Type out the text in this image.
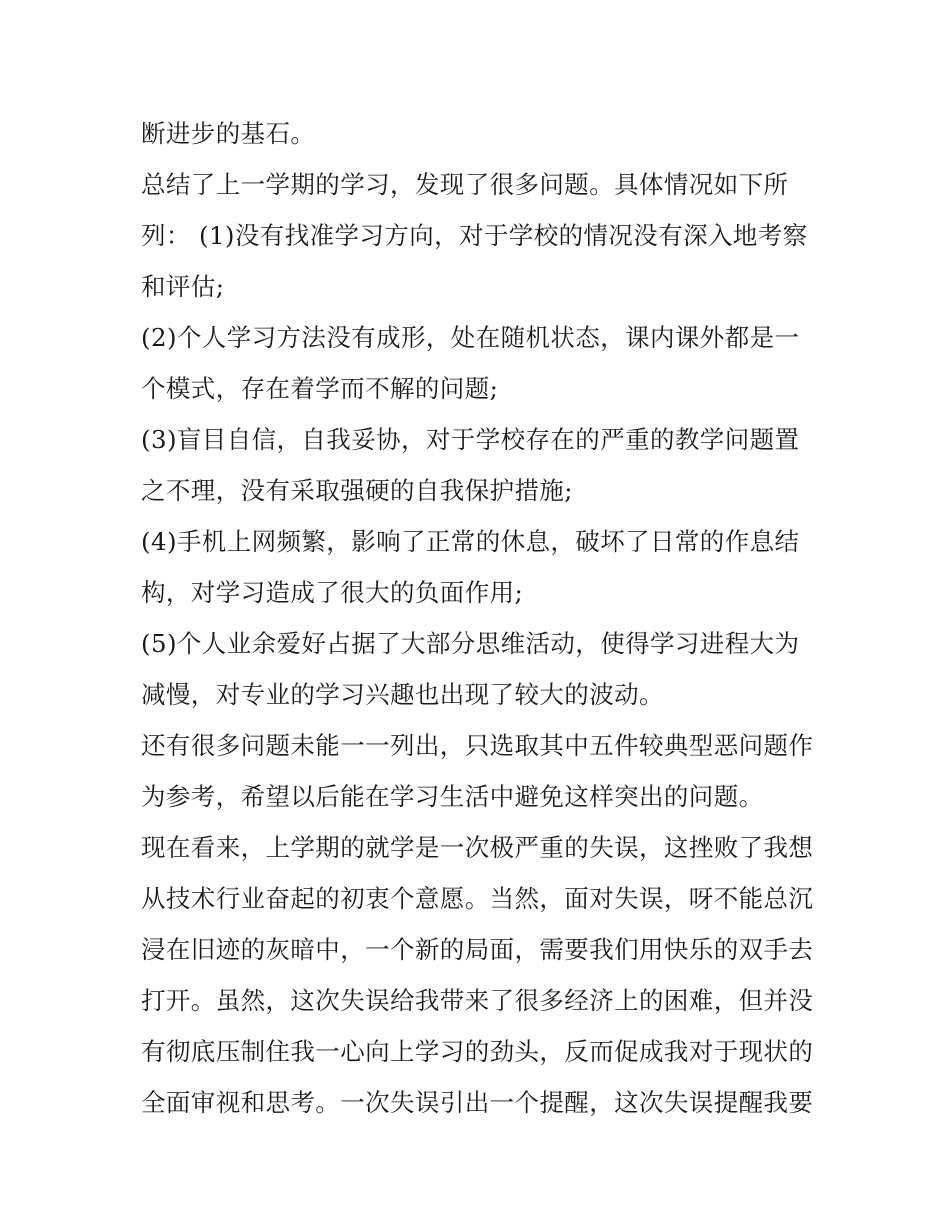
断进步的基石。
总结了上一学期的学习，发现了很多问题。具体情况如下所
列： (1)没有找准学习方向，对于学校的情况没有深入地考察
和评估;
(2)个人学习方法没有成形，处在随机状态，课内课外都是一
个模式，存在着学而不解的问题;
(3)盲目自信，自我妥协，对于学校存在的严重的教学问题置
之不理，没有采取强硬的自我保护措施;
(4)手机上网频繁，影响了正常的休息，破坏了日常的作息结
构，对学习造成了很大的负面作用;
(5)个人业余爱好占据了大部分思维活动，使得学习进程大为
减慢，对专业的学习兴趣也出现了较大的波动。
还有很多问题未能一一列出，只选取其中五件较典型恶问题作
为参考，希望以后能在学习生活中避免这样突出的问题。
现在看来，上学期的就学是一次极严重的失误，这挫败了我想
从技术行业奋起的初衷个意愿。当然，面对失误，呀不能总沉
浸在旧迹的灰暗中，一个新的局面，需要我们用快乐的双手去
打开。虽然，这次失误给我带来了很多经济上的困难，但并没
有彻底压制住我一心向上学习的劲头，反而促成我对于现状的
全面审视和思考。一次失误引出一个提醒，这次失误提醒我要
